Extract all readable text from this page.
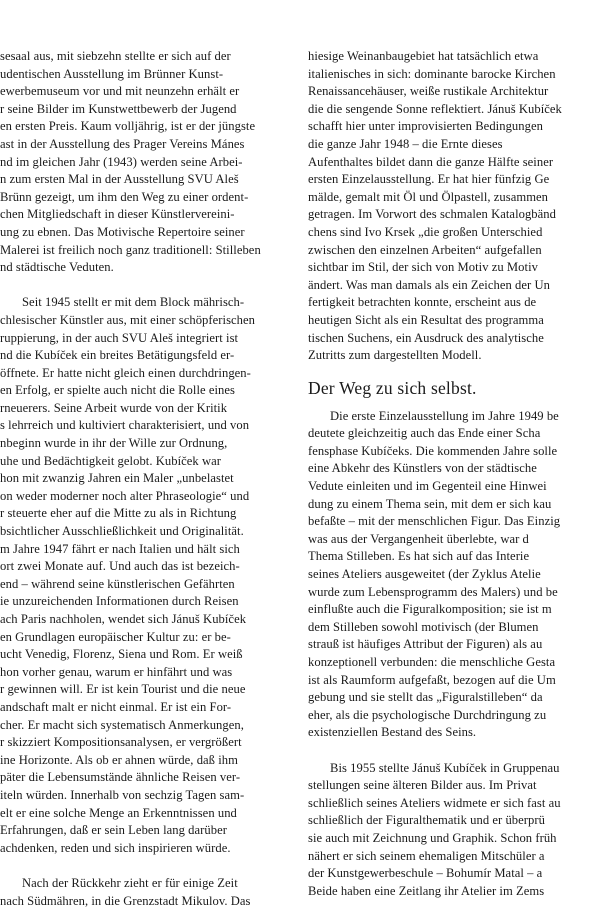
sesaal aus, mit siebzehn stellte er sich auf der
udentischen Ausstellung im Brünner Kunst-
ewerbemuseum vor und mit neunzehn erhält er
r seine Bilder im Kunstwettbewerb der Jugend
en ersten Preis. Kaum volljährig, ist er der jüngste
ast in der Ausstellung des Prager Vereins Mánes
nd im gleichen Jahr (1943) werden seine Arbei-
n zum ersten Mal in der Ausstellung SVU Aleš
Brünn gezeigt, um ihm den Weg zu einer ordent-
chen Mitgliedschaft in dieser Künstlervereini-
ung zu ebnen. Das Motivische Repertoire seiner
Malerei ist freilich noch ganz traditionell: Stilleben
nd städtische Veduten.
Seit 1945 stellt er mit dem Block mährisch-
chlesischer Künstler aus, mit einer schöpferischen
ruppierung, in der auch SVU Aleš integriert ist
nd die Kubíček ein breites Betätigungsfeld er-
öffnete. Er hatte nicht gleich einen durchdringen-
en Erfolg, er spielte auch nicht die Rolle eines
rneuerers. Seine Arbeit wurde von der Kritik
s lehrreich und kultiviert charakterisiert, und von
nbeginn wurde in ihr der Wille zur Ordnung,
uhe und Bedächtigkeit gelobt. Kubíček war
hon mit zwanzig Jahren ein Maler „unbelastet
on weder moderner noch alter Phraseologie“ und
r steuerte eher auf die Mitte zu als in Richtung
bsichtlicher Ausschließlichkeit und Originalität.
m Jahre 1947 fährt er nach Italien und hält sich
ort zwei Monate auf. Und auch das ist bezeich-
end – während seine künstlerischen Gefährten
ie unzureichenden Informationen durch Reisen
ach Paris nachholen, wendet sich Jánuš Kubíček
en Grundlagen europäischer Kultur zu: er be-
ucht Venedig, Florenz, Siena und Rom. Er weiß
hon vorher genau, warum er hinfährt und was
r gewinnen will. Er ist kein Tourist und die neue
andschaft malt er nicht einmal. Er ist ein For-
cher. Er macht sich systematisch Anmerkungen,
r skizziert Kompositionsanalysen, er vergrößert
ine Horizonte. Als ob er ahnen würde, daß ihm
päter die Lebensumstände ähnliche Reisen ver-
iteln würden. Innerhalb von sechzig Tagen sam-
elt er eine solche Menge an Erkenntnissen und
Erfahrungen, daß er sein Leben lang darüber
achdenken, reden und sich inspirieren würde.
Nach der Rückkehr zieht er für einige Zeit
nach Südmähren, in die Grenzstadt Mikulov. Das
hiesige Weinanbaugebiet hat tatsächlich etwa
italienisches in sich: dominante barocke Kirchen
Renaissancehäuser, weiße rustikale Architektur
die die sengende Sonne reflektiert. Jánuš Kubíček
schafft hier unter improvisierten Bedingungen
die ganze Jahr 1948 – die Ernte dieses
Aufenthaltes bildet dann die ganze Hälfte seiner
ersten Einzelausstellung. Er hat hier fünfzig Ge
mälde, gemalt mit Öl und Ölpastell, zusammen
getragen. Im Vorwort des schmalen Katalogbänd
chens sind Ivo Krsek „die großen Unterschied
zwischen den einzelnen Arbeiten“ aufgefallen
sichtbar im Stil, der sich von Motiv zu Motiv
ändert. Was man damals als ein Zeichen der Un
fertigkeit betrachten konnte, erscheint aus de
heutigen Sicht als ein Resultat des programma
tischen Suchens, ein Ausdruck des analytische
Zutritts zum dargestellten Modell.
Der Weg zu sich selbst.
Die erste Einzelausstellung im Jahre 1949 be
deutete gleichzeitig auch das Ende einer Scha
fensphase Kubíčeks. Die kommenden Jahre solle
eine Abkehr des Künstlers von der städtische
Vedute einleiten und im Gegenteil eine Hinwei
dung zu einem Thema sein, mit dem er sich kau
befaßte – mit der menschlichen Figur. Das Einzig
was aus der Vergangenheit überlebte, war d
Thema Stilleben. Es hat sich auf das Interie
seines Ateliers ausgeweitet (der Zyklus Atelie
wurde zum Lebensprogramm des Malers) und be
einflußte auch die Figuralkomposition; sie ist m
dem Stilleben sowohl motivisch (der Blumen
strauß ist häufiges Attribut der Figuren) als au
konzeptionell verbunden: die menschliche Gesta
ist als Raumform aufgefaßt, bezogen auf die Um
gebung und sie stellt das „Figuralstilleben“ da
eher, als die psychologische Durchdringung zu
existenziellen Bestand des Seins.
Bis 1955 stellte Jánuš Kubíček in Gruppenau
stellungen seine älteren Bilder aus. Im Privat
schließlich seines Ateliers widmete er sich fast au
schließlich der Figuralthematik und er überprü
sie auch mit Zeichnung und Graphik. Schon früh
nähert er sich seinem ehemaligen Mitschüler a
der Kunstgewerbeschule – Bohumír Matal – a
Beide haben eine Zeitlang ihr Atelier im Zems
